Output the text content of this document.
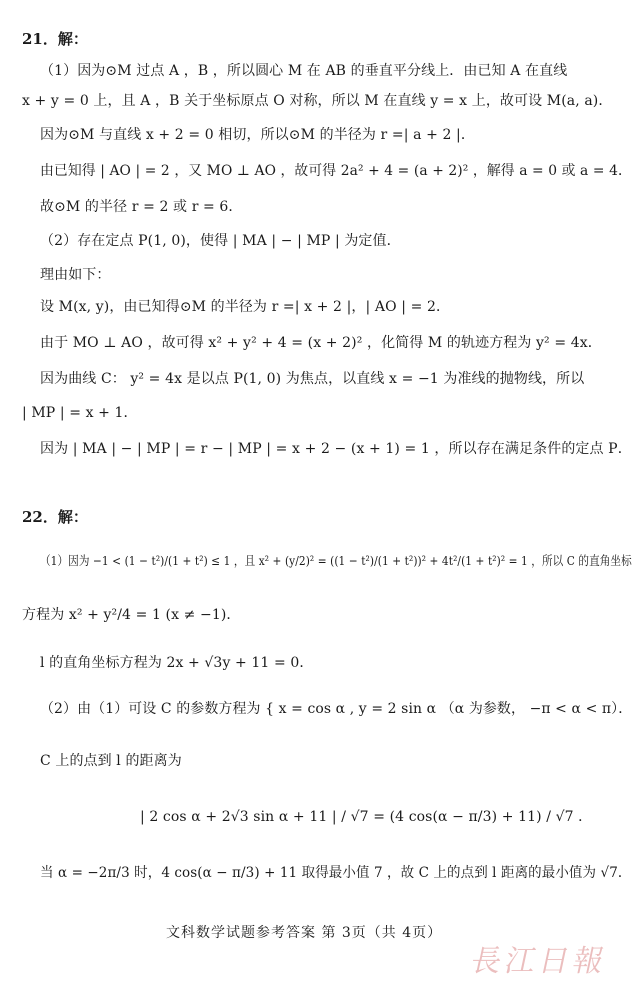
21．解：
（1）因为⊙M 过点 A ，B ，所以圆心 M 在 AB 的垂直平分线上．由已知 A 在直线
x + y = 0 上，且 A ，B 关于坐标原点 O 对称，所以 M 在直线 y = x 上，故可设 M(a, a)．
因为⊙M 与直线 x + 2 = 0 相切，所以⊙M 的半径为 r =| a + 2 |．
由已知得 | AO | = 2 ，又 MO ⊥ AO ，故可得 2a² + 4 = (a + 2)² ，解得 a = 0 或 a = 4．
故⊙M 的半径 r = 2 或 r = 6．
（2）存在定点 P(1, 0)，使得 | MA | − | MP | 为定值．
理由如下：
设 M(x, y)，由已知得⊙M 的半径为 r =| x + 2 |，| AO | = 2．
由于 MO ⊥ AO ，故可得 x² + y² + 4 = (x + 2)² ，化简得 M 的轨迹方程为 y² = 4x．
因为曲线 C： y² = 4x 是以点 P(1, 0) 为焦点，以直线 x = −1 为准线的抛物线，所以
| MP | = x + 1．
因为 | MA | − | MP | = r − | MP | = x + 2 − (x + 1) = 1 ，所以存在满足条件的定点 P．
22．解：
（1）因为 −1 < (1 − t²)/(1 + t²) ≤ 1 ，且 x² + (y/2)² = ((1 − t²)/(1 + t²))² + 4t²/(1 + t²)² = 1 ，所以 C 的直角坐标
方程为 x² + y²/4 = 1 (x ≠ −1)．
l 的直角坐标方程为 2x + √3y + 11 = 0．
（2）由（1）可设 C 的参数方程为 { x = cos α , y = 2 sin α （α 为参数， −π < α < π）．
C 上的点到 l 的距离为
| 2 cos α + 2√3 sin α + 11 | / √7 = (4 cos(α − π/3) + 11) / √7 ．
当 α = −2π/3 时，4 cos(α − π/3) + 11 取得最小值 7 ，故 C 上的点到 l 距离的最小值为 √7．
文科数学试题参考答案 第 3页（共 4页）
長江日報
